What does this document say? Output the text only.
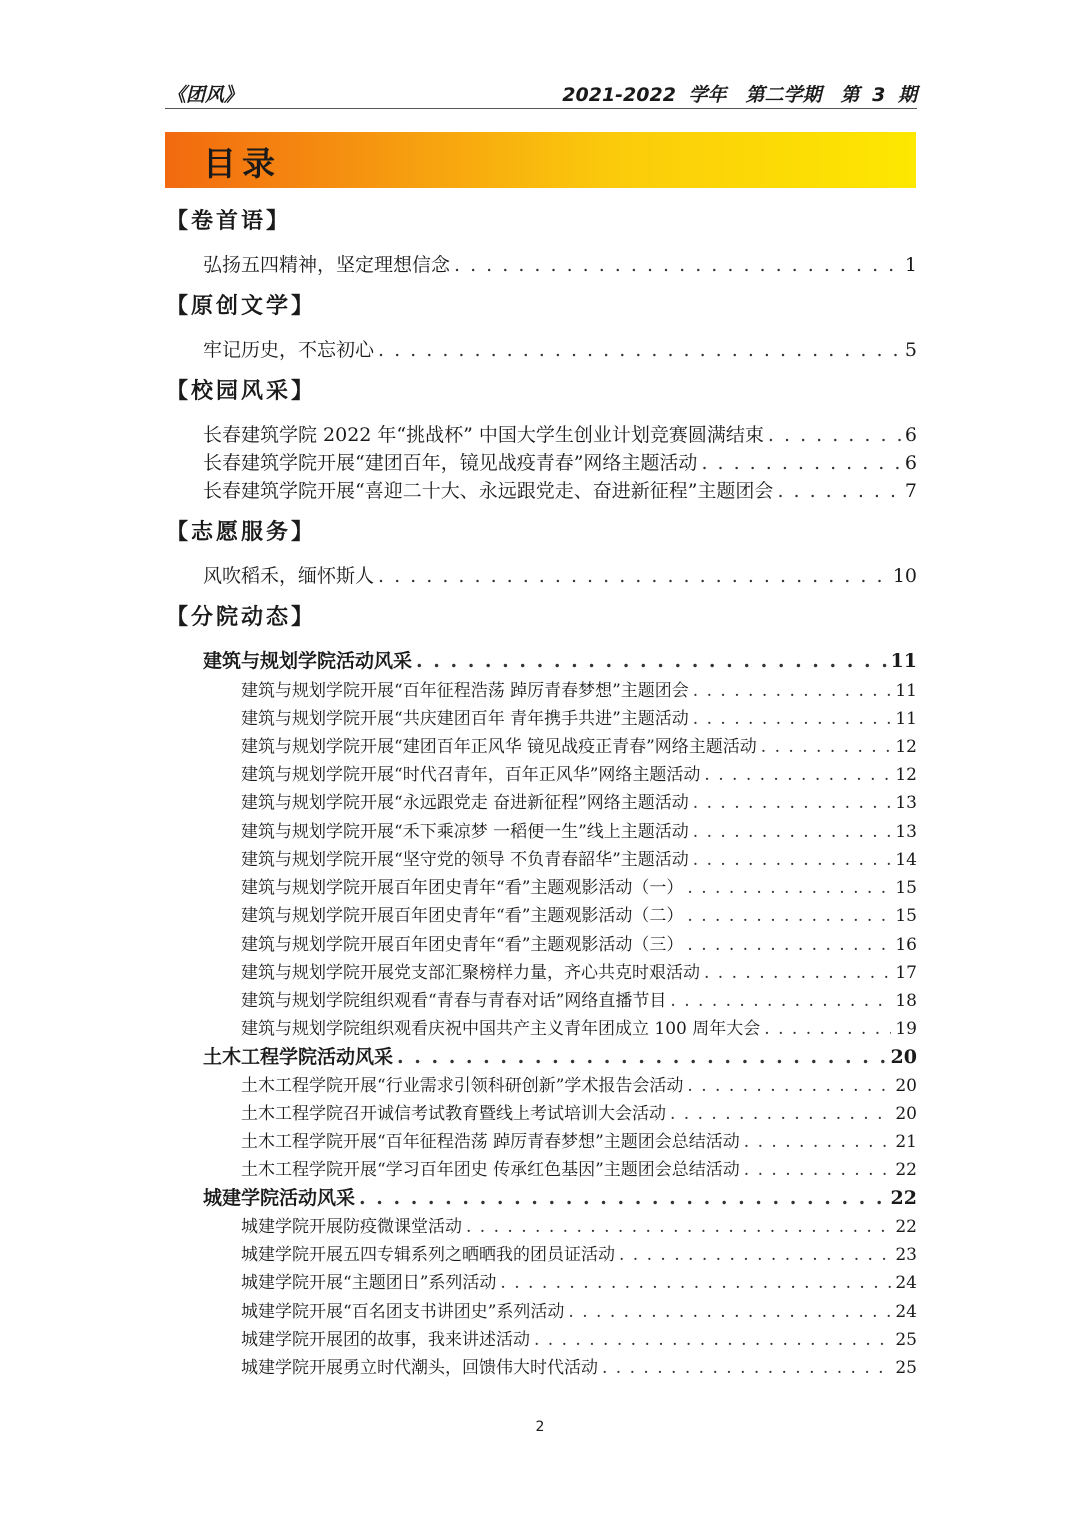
《团风》	2021-2022 学年　第二学期　第 3 期
目录
【卷首语】
弘扬五四精神，坚定理想信念 . . .	1
【原创文学】
牢记历史，不忘初心 . . .	5
【校园风采】
长春建筑学院 2022 年“挑战杯” 中国大学生创业计划竞赛圆满结束 . . .	6
长春建筑学院开展“建团百年，镜见战疫青春”网络主题活动 . . .	6
长春建筑学院开展“喜迎二十大、永远跟党走、奋进新征程”主题团会 . . .	7
【志愿服务】
风吹稻禾，缅怀斯人 . . .	10
【分院动态】
建筑与规划学院活动风采 . . .	11
建筑与规划学院开展“百年征程浩荡 踔厉青春梦想”主题团会 . . .	11
建筑与规划学院开展“共庆建团百年 青年携手共进”主题活动 . . .	11
建筑与规划学院开展“建团百年正风华 镜见战疫正青春”网络主题活动 . . .	12
建筑与规划学院开展“时代召青年，百年正风华”网络主题活动 . . .	12
建筑与规划学院开展“永远跟党走 奋进新征程”网络主题活动 . . .	13
建筑与规划学院开展“禾下乘凉梦 一稻便一生”线上主题活动 . . .	13
建筑与规划学院开展“坚守党的领导 不负青春韶华”主题活动 . . .	14
建筑与规划学院开展百年团史青年“看”主题观影活动（一） . . .	15
建筑与规划学院开展百年团史青年“看”主题观影活动（二） . . .	15
建筑与规划学院开展百年团史青年“看”主题观影活动（三） . . .	16
建筑与规划学院开展党支部汇聚榜样力量，齐心共克时艰活动 . . .	17
建筑与规划学院组织观看“青春与青春对话”网络直播节目 . . .	18
建筑与规划学院组织观看庆祝中国共产主义青年团成立 100 周年大会 . . .	19
土木工程学院活动风采 . . .	20
土木工程学院开展“行业需求引领科研创新”学术报告会活动 . . .	20
土木工程学院召开诚信考试教育暨线上考试培训大会活动 . . .	20
土木工程学院开展“百年征程浩荡 踔厉青春梦想”主题团会总结活动 . . .	21
土木工程学院开展“学习百年团史 传承红色基因”主题团会总结活动 . . .	22
城建学院活动风采 . . .	22
城建学院开展防疫微课堂活动 . . .	22
城建学院开展五四专辑系列之晒晒我的团员证活动 . . .	23
城建学院开展“主题团日”系列活动 . . .	24
城建学院开展“百名团支书讲团史”系列活动 . . .	24
城建学院开展团的故事，我来讲述活动 . . .	25
城建学院开展勇立时代潮头，回馈伟大时代活动 . . .	25
2
